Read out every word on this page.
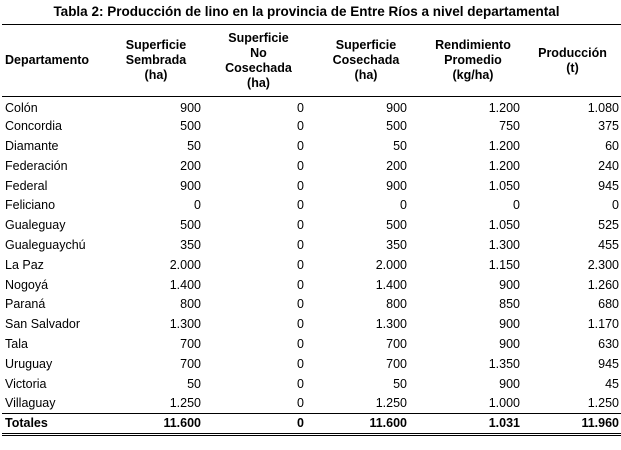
Tabla 2: Producción de lino en la provincia de Entre Ríos a nivel departamental
Departamento	Superficie
Sembrada
(ha)	Superficie
No
Cosechada
(ha)	Superficie
Cosechada
(ha)	Rendimiento
Promedio
(kg/ha)	Producción
(t)

Colón	900	0	900	1.200	1.080
Concordia	500	0	500	750	375
Diamante	50	0	50	1.200	60
Federación	200	0	200	1.200	240
Federal	900	0	900	1.050	945
Feliciano	0	0	0	0	0
Gualeguay	500	0	500	1.050	525
Gualeguaychú	350	0	350	1.300	455
La Paz	2.000	0	2.000	1.150	2.300
Nogoyá	1.400	0	1.400	900	1.260
Paraná	800	0	800	850	680
San Salvador	1.300	0	1.300	900	1.170
Tala	700	0	700	900	630
Uruguay	700	0	700	1.350	945
Victoria	50	0	50	900	45
Villaguay	1.250	0	1.250	1.000	1.250
Totales	11.600	0	11.600	1.031	11.960
